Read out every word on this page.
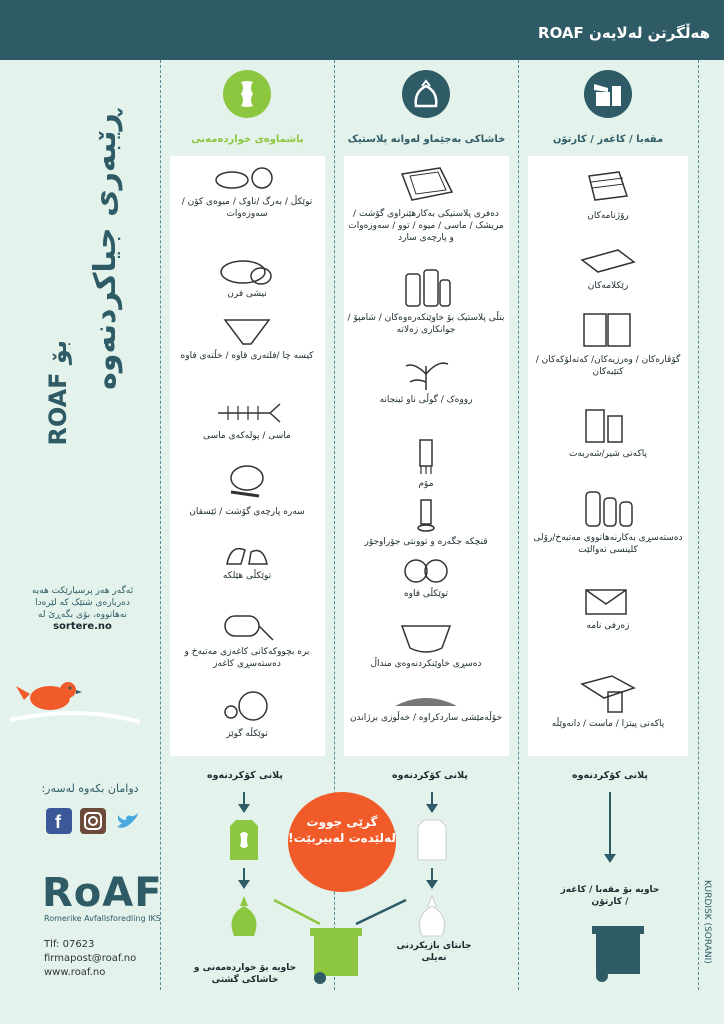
هەڵگرتن لەلایەن ROAF‌
ڕێبەری جیاکردنەوە
بۆ ROAF
ئەگەر هەر پرسیارێکت هەیە دەربارەی شتێک کە لێرەدا نەهاتووە، بۆی بگەڕێ لە
sortere.no
دوامان بکەوە لەسەر:
f
RoAF
Romerike Avfallsforedling IKS
Tlf: 07623
firmapost@roaf.no
www.roaf.no
پاشماوەی خواردەمەنی	خاشاکی بەجێماو لەوانە پلاستیک	مقەبا / کاغەز / کارتۆن
توێکڵ / بەرگ /ناوک / میوەی کۆن / سەوزەوات
نیشی فرن
کیسە چا /فلتەری قاوە / خڵتەی قاوە
ماسی / پولەکەی ماسی
سەرە پارچەی گۆشت / ئێسقان
توێکڵی هێلکە
برە بچووکەکانی کاغەزی مەتبەخ و دەستەسڕی کاغەز
توێکڵە گوێز
دەفری پلاستیکی بەکارهێنراوی گۆشت / مریشک / ماسی / میوە / توو / سەوزەوات و پارچەی سارد
بتڵی پلاستیک بۆ خاوێنکەرەوەکان / شامپۆ / جوانکاری زەلاتە
رووەک / گوڵی ناو ئینجانە
مۆم
قنچکە جگەرە و توونتی جۆراوجۆر
توێکڵی قاوە
دەسڕی خاوێنکردنەوەی منداڵ
خۆڵەمێشی ساردکراوە / خەڵوزی برژاندن
رۆژنامەکان
رێکلامەکان
گۆڤارەکان / وەرزیەکان/ کەتەلۆکەکان / کتێبەکان
پاکەتی شیر/شەربەت
دەستەسڕی بەکارنەهاتووی مەتبەخ/رۆلی کلینسی تەوالێت
زەرفی نامە
پاکەتی پیتزا / ماست / دانەوێڵە
پلانی کۆکردنەوە	پلانی کۆکردنەوە	پلانی کۆکردنەوە
گرێی جووت لەلێدەت لەبیربێت!
حاویە بۆ خواردەمەنی و خاشاکی گشتی
جانتای بازیکردنی نەیلی
حاویە بۆ مقەبا / کاغەز / کارتۆن	KURDISK (SORANI)
